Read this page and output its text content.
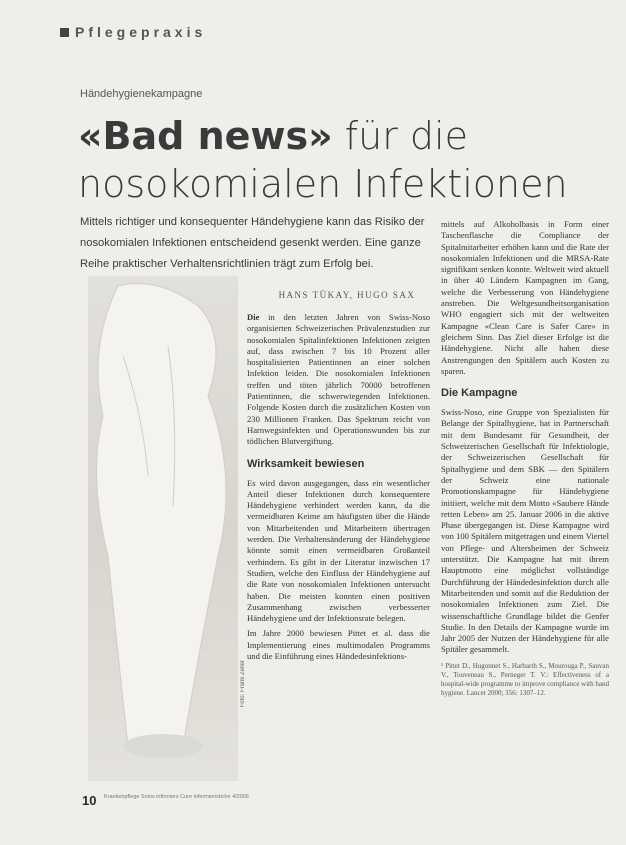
Pflegepraxis
Händehygienekampagne
«Bad news» für die nosokomialen Infektionen
Mittels richtiger und konsequenter Händehygiene kann das Risiko der nosokomialen Infektionen entscheidend gesenkt werden. Eine ganze Reihe praktischer Verhaltensrichtlinien trägt zum Erfolg bei.
Foto: Frank Zeller
HANS TÜKAY, HUGO SAX

Die in den letzten Jahren von Swiss-Noso organisierten Schweizerischen Prävalenzstudien zur nosokomialen Spitalinfektionen Infektionen zeigten auf, dass zwischen 7 bis 10 Prozent aller hospitalisierten Patientinnen an einer solchen Infektion leiden. Die nosokomialen Infektionen treffen und töten jährlich 70000 betroffenen Patientinnen, die schwerwiegenden Infektionen. Folgende Kosten durch die zusätzlichen Kosten von 230 Millionen Franken. Das Spektrum reicht von Harnwegsinfekten und Operationswunden bis zur tödlichen Blutvergiftung.

Wirksamkeit bewiesen

Es wird davon ausgegangen, dass ein wesentlicher Anteil dieser Infektionen durch konsequentere Händehygiene verhindert werden kann, da die vermeidbaren Keime am häufigsten über die Hände von Mitarbeitenden und Mitarbeitern übertragen werden. Die Verhaltensänderung der Händehygiene könnte somit einen vermeidbaren Großanteil verhindern. Es gibt in der Literatur inzwischen 17 Studien, welche den Einfluss der Händehygiene auf die Rate von nosokomialen Infektionen untersucht haben. Die meisten konnten einen positiven Zusammenhang zwischen verbesserter Händehygiene und der Infektionsrate belegen.

Im Jahre 2000 bewiesen Pittet et al. dass die Implementierung eines multimodalen Programms und die Einführung eines Händedesinfektions-

mittels auf Alkoholbasis in Form einer Taschenflasche die Compliance der Spitalmitarbeiter erhöhen kann und die Rate der nosokomialen Infektionen und die MRSA-Rate signifikant senken konnte. Weltweit wird aktuell in über 40 Ländern Kampagnen im Gang, welche die Verbesserung von Händehygiene anstreben. Die Weltgesundheitsorganisation WHO engagiert sich mit der weltweiten Kampagne «Clean Care is Safer Care» in gleichem Sinn. Das Ziel dieser Erfolge ist die Händehygiene. Nicht alle haben diese Anstrengungen den Spitälern auch Kosten zu sparen.

Die Kampagne

Swiss-Noso, eine Gruppe von Spezialisten für Belange der Spitalhygiene, hat in Partnerschaft mit dem Bundesamt für Gesundheit, der Schweizerischen Gesellschaft für Infektiologie, der Schweizerischen Gesellschaft für Spitalhygiene und dem SBK — den Spitälern der Schweiz eine nationale Promotionskampagne für Händehygiene initiiert, welche mit dem Motto «Saubere Hände retten Leben» am 25. Januar 2006 in die aktive Phase übergegangen ist. Diese Kampagne wird von 100 Spitälern mitgetragen und einem Viertel von Pflege- und Altersheimen der Schweiz unterstützt. Die Kampagne hat mit ihrem Hauptmotto eine möglichst vollständige Durchführung der Händedesinfektion durch alle Mitarbeitenden und somit auf die Reduktion der nosokomialen Infektionen zum Ziel. Die wissenschaftliche Grundlage bildet die Genfer Studie. In den Details der Kampagne wurde im Jahr 2005 der Nutzen der Händehygiene für alle Spitäler gesammelt.

¹ Pittet D., Hugonnet S., Harbarth S., Mourouga P., Sauvan V., Touveneau S., Perneger T. V.: Effectiveness of a hospital-wide programme to improve compliance with hand hygiene. Lancet 2000; 356: 1307–12.

10 Krankenpflege Soins infirmiers Cure infermieristiche 4/2006
